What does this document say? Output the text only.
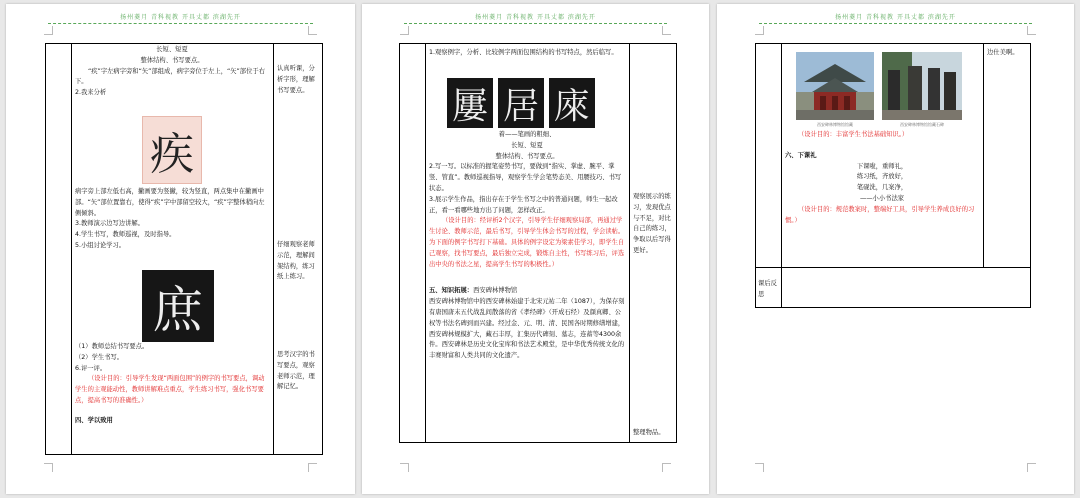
扬州菱月 青科视教 开具丈都 滨湖先开

长短、短夏

整体结构、书写要点。

“疾”字左病字旁和“矢”部组成，病字旁位于左上，“矢”部位于右下。

2.我来分析

疾

病字旁上部左低右高，撇画要为竖撇，较为竖直，两点集中在撇画中部。“矢”部位置靠右，使得“疾”字中部留空较大，“疾”字整体稍向左侧倾斜。

3.教师演示边写边讲解。

4.学生书写，教师巡视，及时指导。

5.小组讨论学习。

庶

（1）教师总结书写要点。

（2）学生书写。

6.评一评。

（设计目的：引导学生发现“两面包围”的例字的书写要点，调动学生的主观能动性，教师讲解难点重点，学生练习书写，强化书写要点，提高书写的准确性。）

四、学以致用

认真听课，分析字形，理解书写要点。
仔细观察老师示范，理解间架结构，练习纸上练习。
思考汉字的书写要点，观察老师示范，理解记忆。
扬州菱月 青科视教 开具丈都 滨湖先开

1.观察例字，分析、比较例字两面包围结构的书写特点，然后临写。

屢 居 庲

着——笔画的粗细、

长短、短夏

整体结构、书写要点。

2.写一写。以标准的握笔姿势书写，要做到“指实、掌虚、腕平、掌竖、管直”。教师巡视指导，观察学生学会笔势态美、用腰技巧、书写状态。

3.展示学生作品，指出存在于学生书写之中的普通问题，师生一起改正，看一看哪些地方出了问题，怎样改正。

（设计目的：经评析2个汉字，引导学生仔细观察局部，再通过学生讨论、教师示范，最后书写，引导学生体会书写的过程，学会读帖。为下面的例字书写打下基础。具体的例字设定为梁素佳学习，即学生自己观察，找书写要点，最后独立完成，锻炼自主性，书写练习后，评选出中央的书法之星，提高学生书写的积极性。）

五、知识拓展：西安碑林博物馆

西安碑林博物馆中的西安碑林始建于北宋元祐二年（1087），为保存刻有唐国唐末五代战乱间散落的省《孝经碑》（开成石经）及颜真卿、公权等书法名碑到而兴建。经过金、元、明、清、民国各时期修缮增建，西安碑林规模扩大，藏石丰厚，汇集历代碑刻、墓志，连蓄等4300余件。西安碑林是历史文化宝库和书法艺术殿堂，是中华优秀传统文化的丰赛财富和人类共同的文化遗产。

观察展示的练习，发现优点与不足，对比自己的练习，争取以后写得更好。
整理物品。
扬州菱月 青科视教 开具丈都 滨湖先开
西安碑林博物馆馆藏	西安碑林博物馆馆藏石碑

（设计目的：丰富学生书法基础知识。）

六、下课礼

下课啦，重师礼，

练习纸，齐放好，

笔砚洗，几案净，

——小小书法家

（设计目的：规范教案时，整端好工具，引导学生养成良好的习惯。）

边仕美啊。
课后反思
